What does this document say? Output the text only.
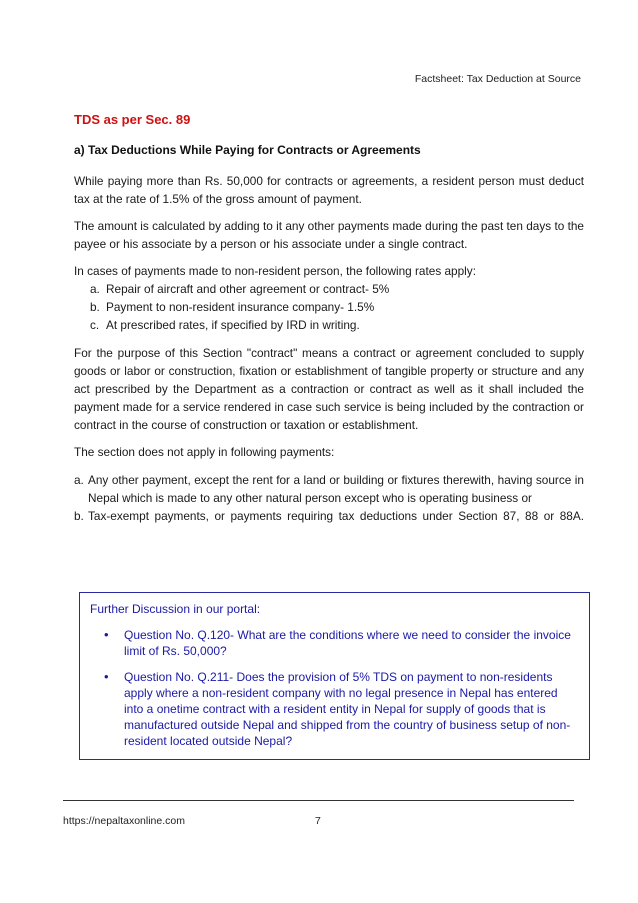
Factsheet: Tax Deduction at Source
TDS as per Sec. 89
a) Tax Deductions While Paying for Contracts or Agreements

While paying more than Rs. 50,000 for contracts or agreements, a resident person must deduct tax at the rate of 1.5% of the gross amount of payment.

The amount is calculated by adding to it any other payments made during the past ten days to the payee or his associate by a person or his associate under a single contract.

In cases of payments made to non-resident person, the following rates apply:

a. Repair of aircraft and other agreement or contract- 5%
b. Payment to non-resident insurance company- 1.5%
c. At prescribed rates, if specified by IRD in writing.

For the purpose of this Section "contract" means a contract or agreement concluded to supply goods or labor or construction, fixation or establishment of tangible property or structure and any act prescribed by the Department as a contraction or contract as well as it shall included the payment made for a service rendered in case such service is being included by the contraction or contract in the course of construction or taxation or establishment.

The section does not apply in following payments:

a. Any other payment, except the rent for a land or building or fixtures therewith, having source in Nepal which is made to any other natural person except who is operating business or
b. Tax-exempt payments, or payments requiring tax deductions under Section 87, 88 or 88A.
Further Discussion in our portal:
•	Question No. Q.120- What are the conditions where we need to consider the invoice limit of Rs. 50,000?
•	Question No. Q.211- Does the provision of 5% TDS on payment to non-residents apply where a non-resident company with no legal presence in Nepal has entered into a onetime contract with a resident entity in Nepal for supply of goods that is manufactured outside Nepal and shipped from the country of business setup of non-resident located outside Nepal?
https://nepaltaxonline.com	7
